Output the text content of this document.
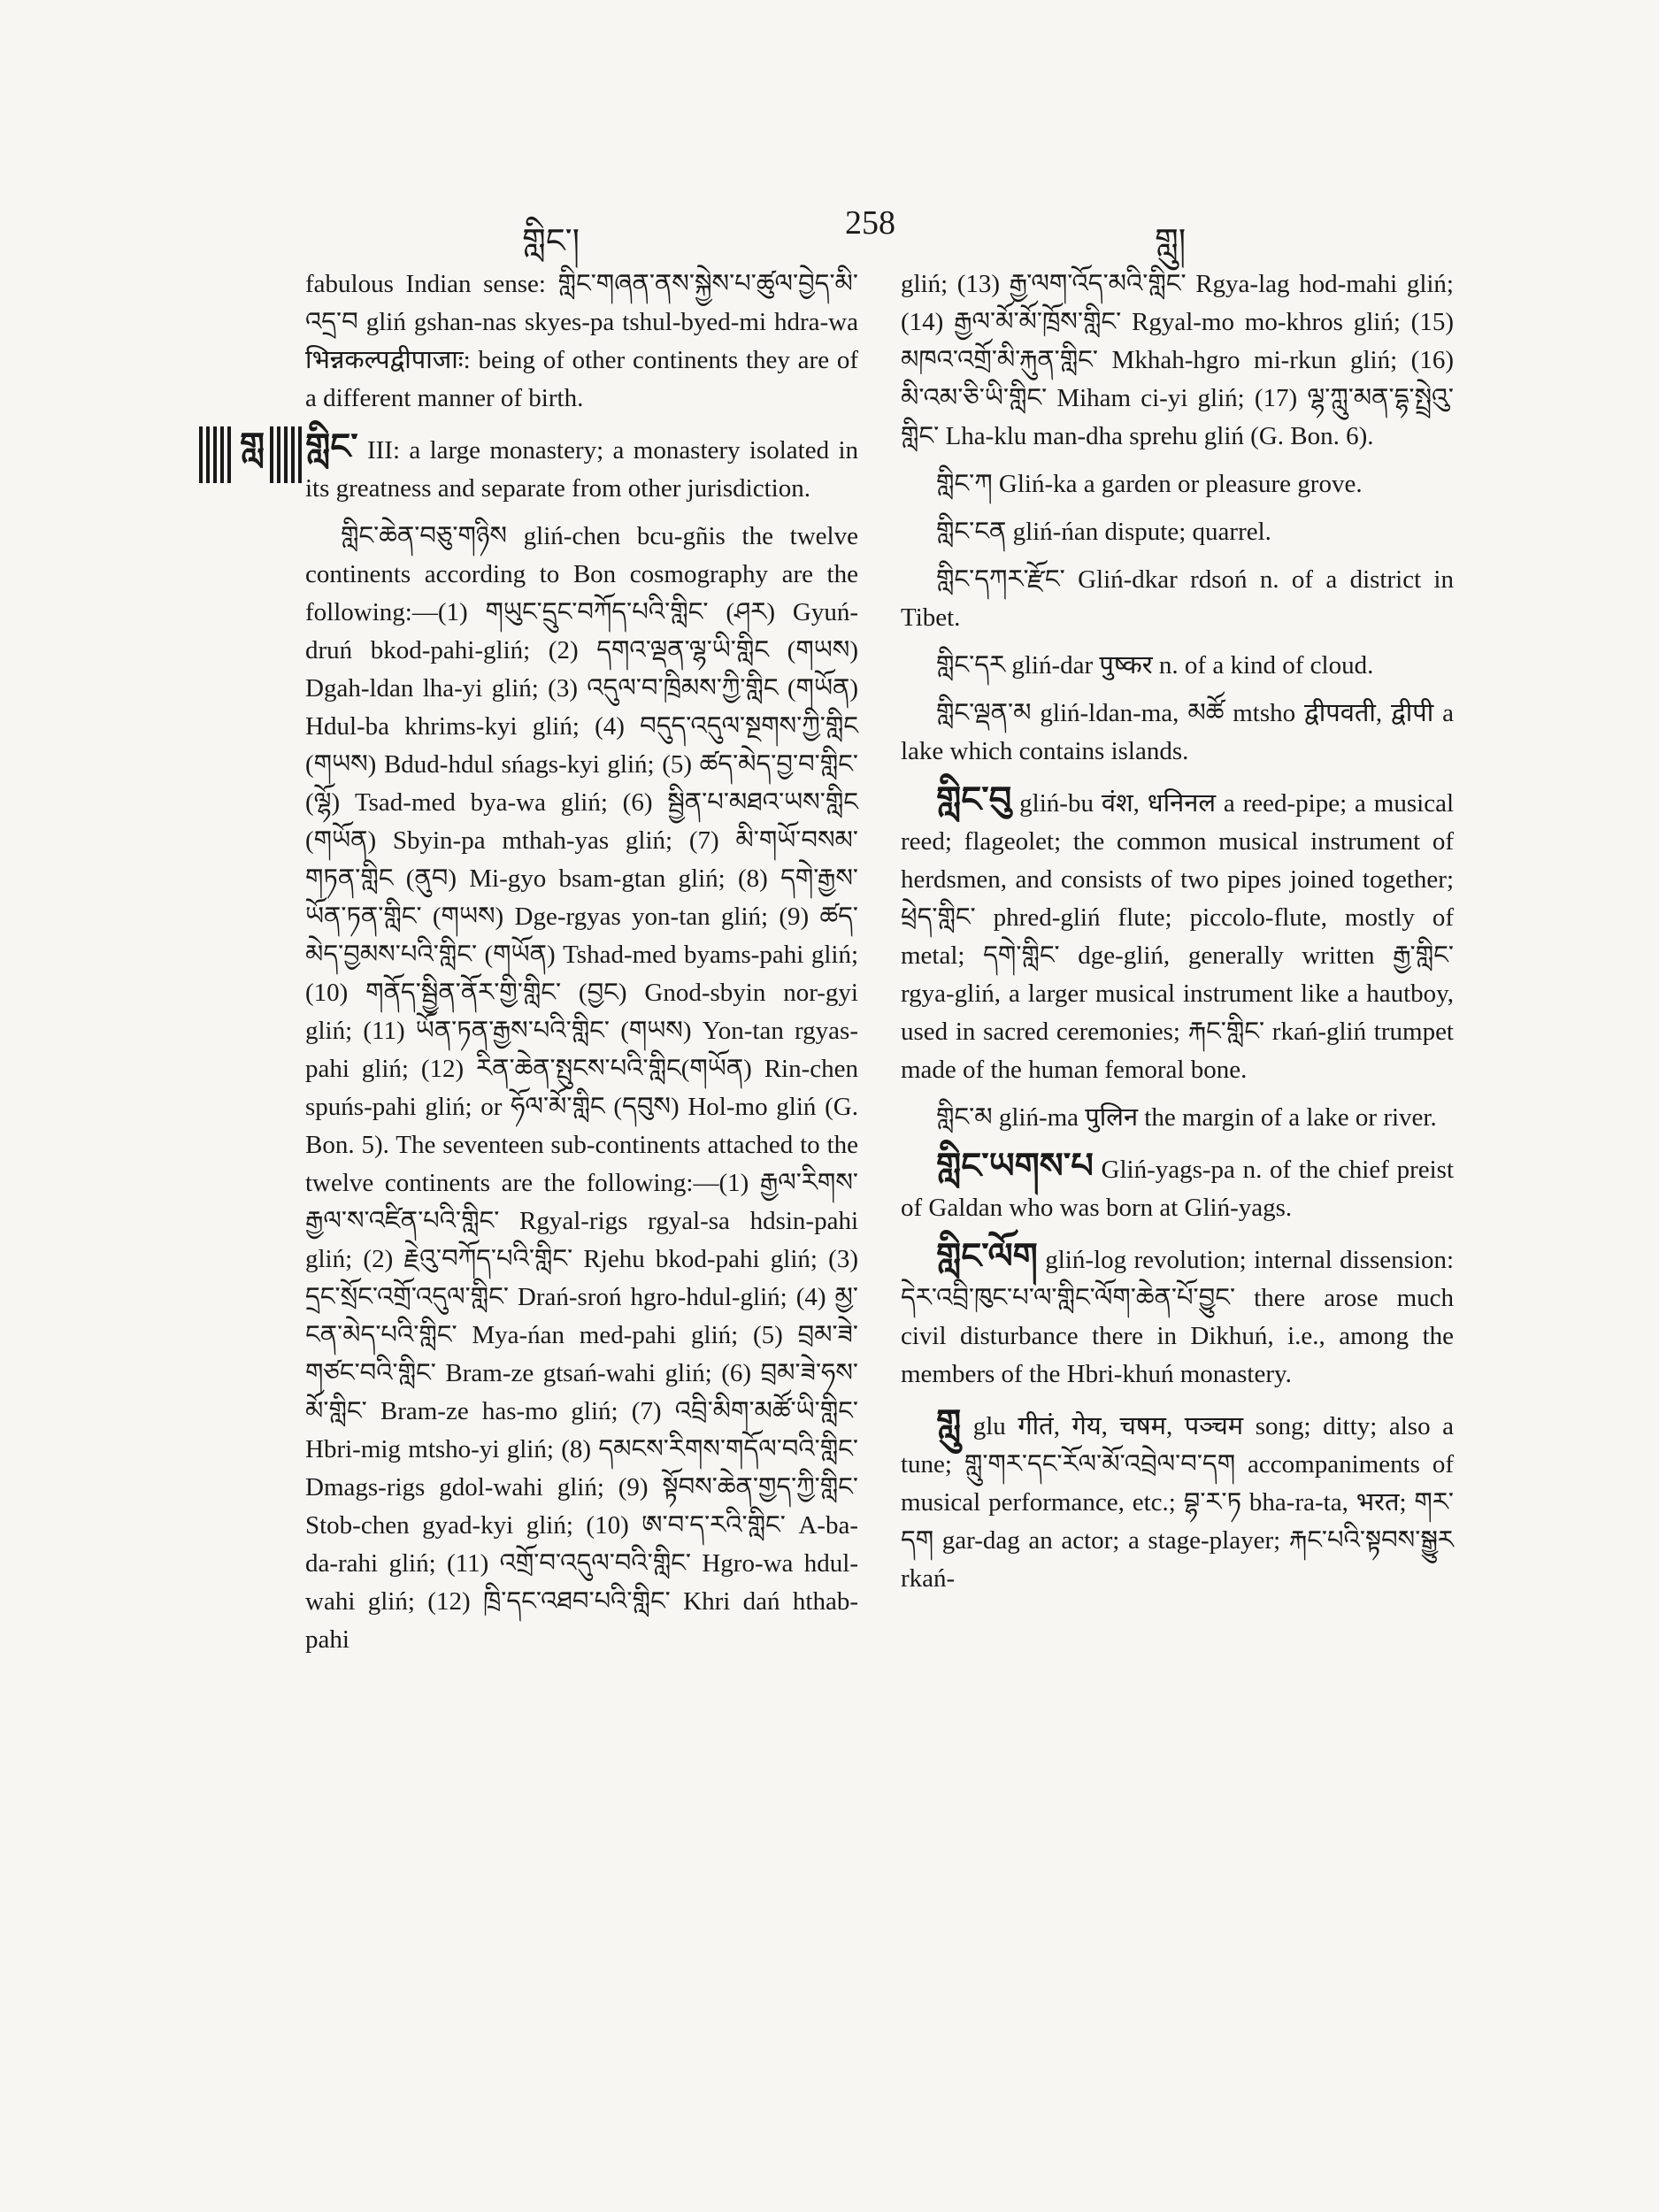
གླིང་།	258	གླུ།
གླ

fabulous Indian sense: གླིང་གཞན་ནས་སྐྱེས་པ་ཚུལ་བྱེད་མི་འདྲ་བ gliń gshan-nas skyes-pa tshul-byed-mi hdra-wa भिन्नकल्पद्वीपाजाः: being of other continents they are of a different manner of birth.

གླིང་ III: a large monastery; a monastery isolated in its greatness and separate from other jurisdiction.

གླིང་ཆེན་བཅུ་གཉིས gliń-chen bcu-gñis the twelve continents according to Bon cosmography are the following:—(1) གཡུང་དྲུང་བཀོད་པའི་གླིང་ (ཤར) Gyuń-druń bkod-pahi-gliń; (2) དགའ་ལྡན་ལྷ་ཡི་གླིང (གཡས) Dgah-ldan lha-yi gliń; (3) འདུལ་བ་ཁྲིམས་ཀྱི་གླིང (གཡོན) Hdul-ba khrims-kyi gliń; (4) བདུད་འདུལ་སྔགས་ཀྱི་གླིང (གཡས) Bdud-hdul sńags-kyi gliń; (5) ཚད་མེད་བྱ་བ་གླིང་ (ལྷོ) Tsad-med bya-wa gliń; (6) སྦྱིན་པ་མཐའ་ཡས་གླིང (གཡོན) Sbyin-pa mthah-yas gliń; (7) མི་གཡོ་བསམ་གཏན་གླིང (ནུབ) Mi-gyo bsam-gtan gliń; (8) དགེ་རྒྱས་ཡོན་ཏན་གླིང་ (གཡས) Dge-rgyas yon-tan gliń; (9) ཚད་མེད་བྱམས་པའི་གླིང་ (གཡོན) Tshad-med byams-pahi gliń; (10) གནོད་སྦྱིན་ནོར་གྱི་གླིང་ (བྱང) Gnod-sbyin nor-gyi gliń; (11) ཡོན་ཏན་རྒྱས་པའི་གླིང་ (གཡས) Yon-tan rgyas-pahi gliń; (12) རིན་ཆེན་སྤུངས་པའི་གླིང(གཡོན) Rin-chen spuńs-pahi gliń; or ཧོལ་མོ་གླིང (དབུས) Hol-mo gliń (G. Bon. 5). The seventeen sub-continents attached to the twelve continents are the following:—(1) རྒྱལ་རིགས་རྒྱལ་ས་འཛིན་པའི་གླིང་ Rgyal-rigs rgyal-sa hdsin-pahi gliń; (2) རྗེའུ་བཀོད་པའི་གླིང་ Rjehu bkod-pahi gliń; (3) དྲང་སྲོང་འགྲོ་འདུལ་གླིང་ Drań-sroń hgro-hdul-gliń; (4) མྱ་ངན་མེད་པའི་གླིང་ Mya-ńan med-pahi gliń; (5) བྲམ་ཟེ་གཙང་བའི་གླིང་ Bram-ze gtsań-wahi gliń; (6) བྲམ་ཟེ་ཧས་མོ་གླིང་ Bram-ze has-mo gliń; (7) འབྲི་མིག་མཚོ་ཡི་གླིང་ Hbri-mig mtsho-yi gliń; (8) དམངས་རིགས་གདོལ་བའི་གླིང་ Dmags-rigs gdol-wahi gliń; (9) སྟོབས་ཆེན་གྱད་ཀྱི་གླིང་ Stob-chen gyad-kyi gliń; (10) ཨ་བ་ད་རའི་གླིང་ A-ba-da-rahi gliń; (11) འགྲོ་བ་འདུལ་བའི་གླིང་ Hgro-wa hdul-wahi gliń; (12) ཁྲི་དང་འཐབ་པའི་གླིང་ Khri dań hthab-pahi

gliń; (13) རྒྱ་ལག་འོད་མའི་གླིང་ Rgya-lag hod-mahi gliń; (14) རྒྱལ་མོ་མོ་ཁྲོས་གླིང་ Rgyal-mo mo-khros gliń; (15) མཁའ་འགྲོ་མི་རྐུན་གླིང་ Mkhah-hgro mi-rkun gliń; (16) མི་འམ་ཅི་ཡི་གླིང་ Miham ci-yi gliń; (17) ལྷ་ཀླུ་མན་དྷ་སྤྲེའུ་གླིང་ Lha-klu man-dha sprehu gliń (G. Bon. 6).

གླིང་ཀ Gliń-ka a garden or pleasure grove.

གླིང་ངན gliń-ńan dispute; quarrel.

གླིང་དཀར་རྫོང་ Gliń-dkar rdsoń n. of a district in Tibet.

གླིང་དར gliń-dar पुष्कर n. of a kind of cloud.

གླིང་ལྡན་མ gliń-ldan-ma, མཚོ mtsho द्वीपवती, द्वीपी a lake which contains islands.

གླིང་བུ gliń-bu वंश, धनिनल a reed-pipe; a musical reed; flageolet; the common musical instrument of herdsmen, and consists of two pipes joined together; ཕྲེད་གླིང་ phred-gliń flute; piccolo-flute, mostly of metal; དགེ་གླིང་ dge-gliń, generally written རྒྱ་གླིང་ rgya-gliń, a larger musical instrument like a hautboy, used in sacred ceremonies; རྐང་གླིང་ rkań-gliń trumpet made of the human femoral bone.

གླིང་མ gliń-ma पुलिन the margin of a lake or river.

གླིང་ཡགས་པ Gliń-yags-pa n. of the chief preist of Galdan who was born at Gliń-yags.

གླིང་ལོག gliń-log revolution; internal dissension: དེར་འབྲི་ཁུང་པ་ལ་གླིང་ལོག་ཆེན་པོ་བྱུང་ there arose much civil disturbance there in Dikhuń, i.e., among the members of the Hbri-khuń monastery.

གླུ glu गीतं, गेय, चषम, पञ्चम song; ditty; also a tune; གླུ་གར་དང་རོལ་མོ་འབྲེལ་བ་དག accompaniments of musical performance, etc.; བྷ་ར་ཏ bha-ra-ta, भरत; གར་དག gar-dag an actor; a stage-player; རྐང་པའི་སྟབས་སྒྱུར rkań-
